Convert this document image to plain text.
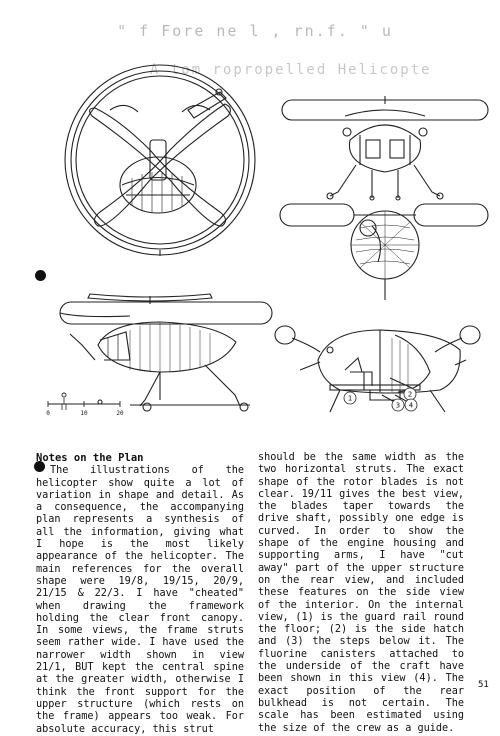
" f Fore ne l , rn.f. " u
A tom ropropelled Helicopte
1	2
3 4
0	10	20
Notes on the Plan
The illustrations of the helicopter show quite a lot of variation in shape and detail. As a consequence, the accompanying plan represents a synthesis of all the information, giving what I hope is the most likely appearance of the helicopter. The main references for the overall shape were 19/8, 19/15, 20/9, 21/15 & 22/3. I have "cheated" when drawing the framework holding the clear front canopy. In some views, the frame struts seem rather wide. I have used the narrower width shown in view 21/1, BUT kept the central spine at the greater width, otherwise I think the front support for the upper structure (which rests on the frame) appears too weak. For absolute accuracy, this strut
should be the same width as the two horizontal struts. The exact shape of the rotor blades is not clear. 19/11 gives the best view, the blades taper towards the drive shaft, possibly one edge is curved. In order to show the shape of the engine housing and supporting arms, I have "cut away" part of the upper structure on the rear view, and included these features on the side view of the interior. On the internal view, (1) is the guard rail round the floor; (2) is the side hatch and (3) the steps below it. The fluorine canisters attached to the underside of the craft have been shown in this view (4). The exact position of the rear bulkhead is not certain. The scale has been estimated using the size of the crew as a guide.
51
